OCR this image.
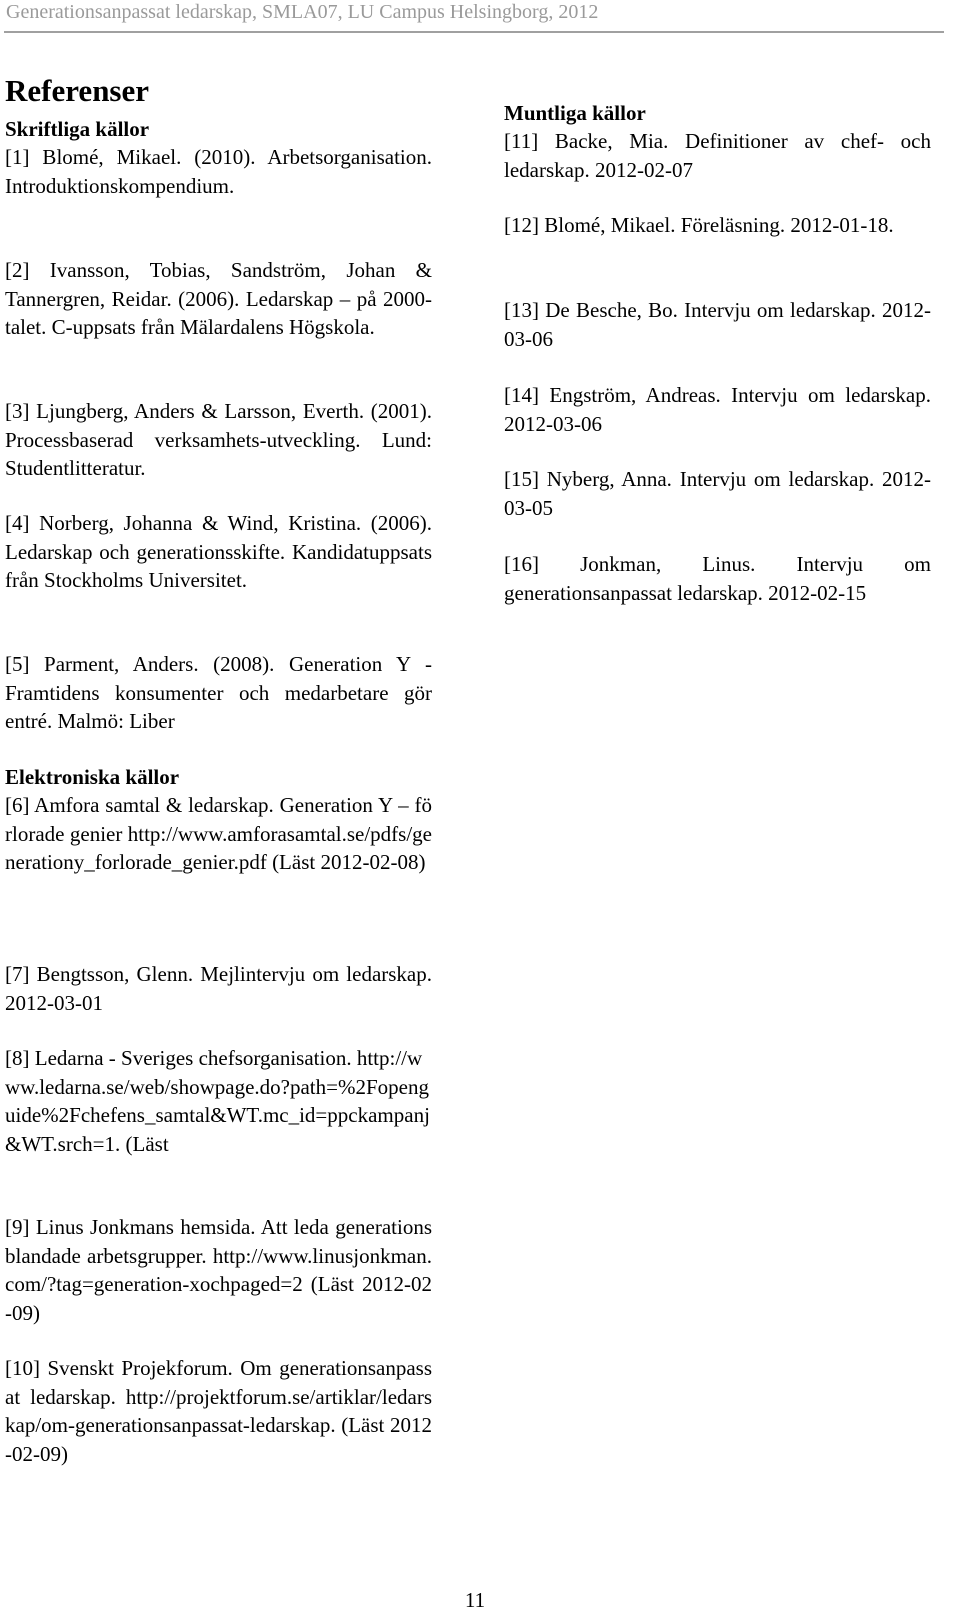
Generationsanpassat ledarskap, SMLA07, LU Campus Helsingborg, 2012
Referenser
Skriftliga källor

[1] Blomé, Mikael. (2010). Arbetsorganisation. Introduktionskompendium.

[2] Ivansson, Tobias, Sandström, Johan & Tannergren, Reidar. (2006). Ledarskap – på 2000-talet. C-uppsats från Mälardalens Högskola.

[3] Ljungberg, Anders & Larsson, Everth. (2001). Processbaserad verksamhets-utveckling. Lund: Studentlitteratur.

[4] Norberg, Johanna & Wind, Kristina. (2006). Ledarskap och generationsskifte. Kandidatuppsats från Stockholms Universitet.

[5] Parment, Anders. (2008). Generation Y - Framtidens konsumenter och medarbetare gör entré. Malmö: Liber

Elektroniska källor

[6] Amfora samtal & ledarskap. Generation Y – förlorade genier http://www.amforasamtal.se/pdfs/generationy_forlorade_genier.pdf (Läst 2012-02-08)

[7] Bengtsson, Glenn. Mejlintervju om ledarskap. 2012-03-01

[8] Ledarna - Sveriges chefsorganisation. http://www.ledarna.se/web/showpage.do?path=%2Fopenguide%2Fchefens_samtal&WT.mc_id=ppckampanj&WT.srch=1. (Läst

[9] Linus Jonkmans hemsida. Att leda generationsblandade arbetsgrupper. http://www.linusjonkman.com/?tag=generation-xochpaged=2 (Läst 2012-02-09)

[10] Svenskt Projekforum. Om generationsanpassat ledarskap. http://projektforum.se/artiklar/ledarskap/om-generationsanpassat-ledarskap. (Läst 2012-02-09)

Muntliga källor

[11] Backe, Mia. Definitioner av chef- och ledarskap. 2012-02-07

[12] Blomé, Mikael. Föreläsning. 2012-01-18.

[13] De Besche, Bo. Intervju om ledarskap. 2012-03-06

[14] Engström, Andreas. Intervju om ledarskap. 2012-03-06

[15] Nyberg, Anna. Intervju om ledarskap. 2012-03-05

[16] Jonkman, Linus. Intervju om generationsanpassat ledarskap. 2012-02-15

11
